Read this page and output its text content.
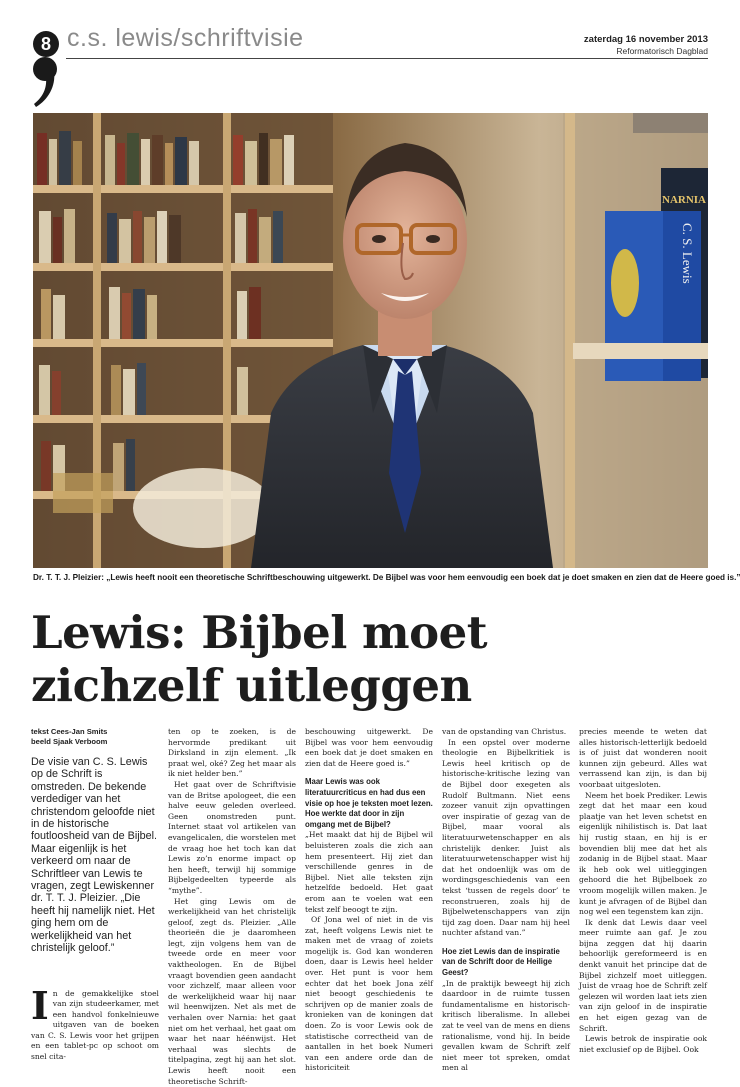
8 c.s. lewis/schriftvisie	zaterdag 16 november 2013
Reformatorisch Dagblad
NARNIA
C. S. Lewis
Dr. T. T. J. Pleizier: „Lewis heeft nooit een theoretische Schriftbeschouwing uitgewerkt. De Bijbel was voor hem eenvoudig een boek dat je doet smaken en zien dat de Heere goed is.”
Lewis: Bijbel moet
zichzelf uitleggen
tekst Cees-Jan Smits
beeld Sjaak Verboom
De visie van C. S. Lewis op de Schrift is omstreden. De bekende verdediger van het christendom geloofde niet in de historische foutloosheid van de Bijbel. Maar eigenlijk is het verkeerd om naar de Schriftleer van Lewis te vragen, zegt Lewiskenner dr. T. T. J. Pleizier. „Die heeft hij namelijk niet. Het ging hem om de werkelijkheid van het christelijk geloof.”
I n de gemakkelijke stoel van zijn studeerkamer, met een handvol fonkelnieuwe uitgaven van de boeken van C. S. Lewis voor het grijpen en een tablet-pc op schoot om snel cita-

ten op te zoeken, is de hervormde predikant uit Dirksland in zijn element. „Ik praat wel, oké? Zeg het maar als ik niet helder ben.”

Het gaat over de Schriftvisie van de Britse apologeet, die een halve eeuw geleden overleed. Geen onomstreden punt. Internet staat vol artikelen van evangelicalen, die worstelen met de vraag hoe het toch kan dat Lewis zo’n enorme impact op hen heeft, terwijl hij sommige Bijbelgedeelten typeerde als “mythe”.

Het ging Lewis om de werkelijkheid van het christelijk geloof, zegt ds. Pleizier. „Alle theorieën die je daaromheen legt, zijn volgens hem van de tweede orde en meer voor vaktheologen. En de Bijbel vraagt bovendien geen aandacht voor zichzelf, maar alleen voor de werkelijkheid waar hij naar wil heenwijzen. Net als met de verhalen over Narnia: het gaat niet om het verhaal, het gaat om waar het naar héénwijst. Het verhaal was slechts de titelpagina, zegt hij aan het slot. Lewis heeft nooit een theoretische Schrift-

beschouwing uitgewerkt. De Bijbel was voor hem eenvoudig een boek dat je doet smaken en zien dat de Heere goed is.”

Maar Lewis was ook literatuurcriticus en had dus een visie op hoe je teksten moet lezen. Hoe werkte dat door in zijn omgang met de Bijbel?

„Het maakt dat hij de Bijbel wil beluisteren zoals die zich aan hem presenteert. Hij ziet dan verschillende genres in de Bijbel. Niet alle teksten zijn hetzelfde bedoeld. Het gaat erom aan te voelen wat een tekst zelf beoogt te zijn.

Of Jona wel of niet in de vis zat, heeft volgens Lewis niet te maken met de vraag of zoiets mogelijk is. God kan wonderen doen, daar is Lewis heel helder over. Het punt is voor hem echter dat het boek Jona zélf niet beoogt geschiedenis te schrijven op de manier zoals de kronieken van de koningen dat doen. Zo is voor Lewis ook de statistische correctheid van de aantallen in het boek Numeri van een andere orde dan de historiciteit

van de opstanding van Christus.

In een opstel over moderne theologie en Bijbelkritiek is Lewis heel kritisch op de historische-kritische lezing van de Bijbel door exegeten als Rudolf Bultmann. Niet eens zozeer vanuit zijn opvattingen over inspiratie of gezag van de Bijbel, maar vooral als literatuurwetenschapper en als christelijk denker. Juist als literatuurwetenschapper wist hij dat het ondoenlijk was om de wordingsgeschiedenis van een tekst ‘tussen de regels door’ te reconstrueren, zoals hij de Bijbelwetenschappers van zijn tijd zag doen. Daar nam hij heel nuchter afstand van.”

Hoe ziet Lewis dan de inspiratie van de Schrift door de Heilige Geest?

„In de praktijk beweegt hij zich daardoor in de ruimte tussen fundamentalisme en historisch-kritisch liberalisme. In allebei zat te veel van de mens en diens rationalisme, vond hij. In beide gevallen kwam de Schrift zelf niet meer tot spreken, omdat men al

precies meende te weten dat alles historisch-letterlijk bedoeld is of juist dat wonderen nooit kunnen zijn gebeurd. Alles wat verrassend kan zijn, is dan bij voorbaat uitgesloten.

Neem het boek Prediker. Lewis zegt dat het maar een koud plaatje van het leven schetst en eigenlijk nihilistisch is. Dat laat hij rustig staan, en hij is er bovendien blij mee dat het als zodanig in de Bijbel staat. Maar ik heb ook wel uitleggingen gehoord die het Bijbelboek zo vroom mogelijk willen maken. Je kunt je afvragen of de Bijbel dan nog wel een tegenstem kan zijn.

Ik denk dat Lewis daar veel meer ruimte aan gaf. Je zou bijna zeggen dat hij daarin behoorlijk gereformeerd is en denkt vanuit het principe dat de Bijbel zichzelf moet uitleggen. Juist de vraag hoe de Schrift zelf gelezen wil worden laat iets zien van zijn geloof in de inspiratie en het eigen gezag van de Schrift.

Lewis betrok de inspiratie ook niet exclusief op de Bijbel. Ook
